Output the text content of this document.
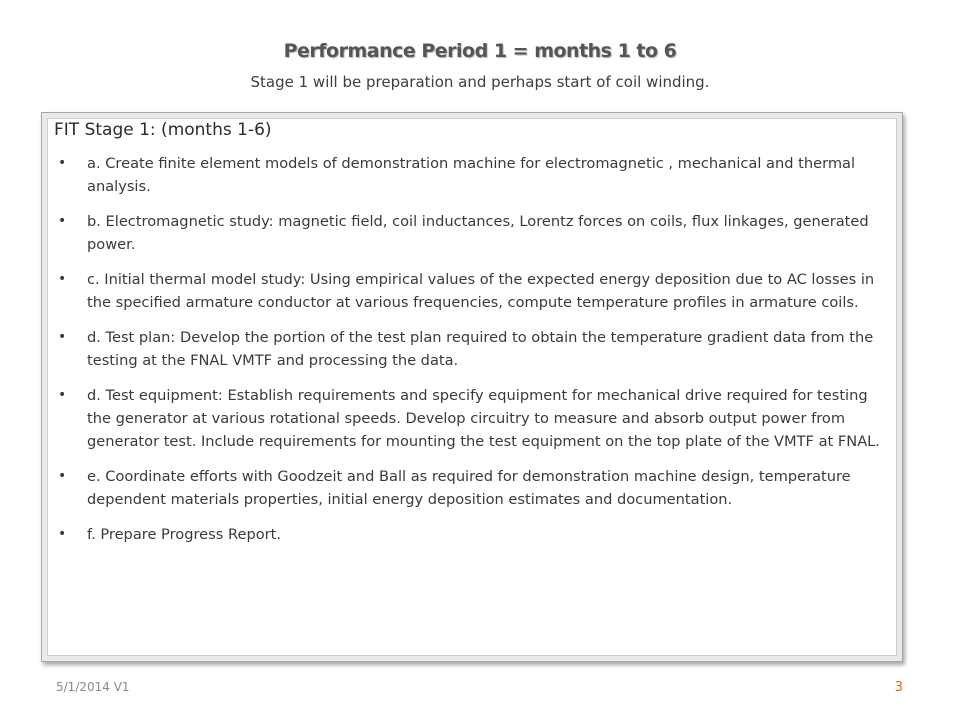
Performance Period 1 = months 1 to 6
Stage 1 will be preparation and perhaps start of coil winding.
FIT Stage 1: (months 1-6)
• a. Create finite element models of demonstration machine for electromagnetic , mechanical and thermal analysis.
• b. Electromagnetic study: magnetic field, coil inductances, Lorentz forces on coils, flux linkages, generated power.
• c. Initial thermal model study: Using empirical values of the expected energy deposition due to AC losses in the specified armature conductor at various frequencies, compute temperature profiles in armature coils.
• d. Test plan: Develop the portion of the test plan required to obtain the temperature gradient data from the testing at the FNAL VMTF and processing the data.
• d. Test equipment: Establish requirements and specify equipment for mechanical drive required for testing the generator at various rotational speeds. Develop circuitry to measure and absorb output power from generator test. Include requirements for mounting the test equipment on the top plate of the VMTF at FNAL.
• e. Coordinate efforts with Goodzeit and Ball as required for demonstration machine design, temperature dependent materials properties, initial energy deposition estimates and documentation.
• f. Prepare Progress Report.
5/1/2014 V1	3
